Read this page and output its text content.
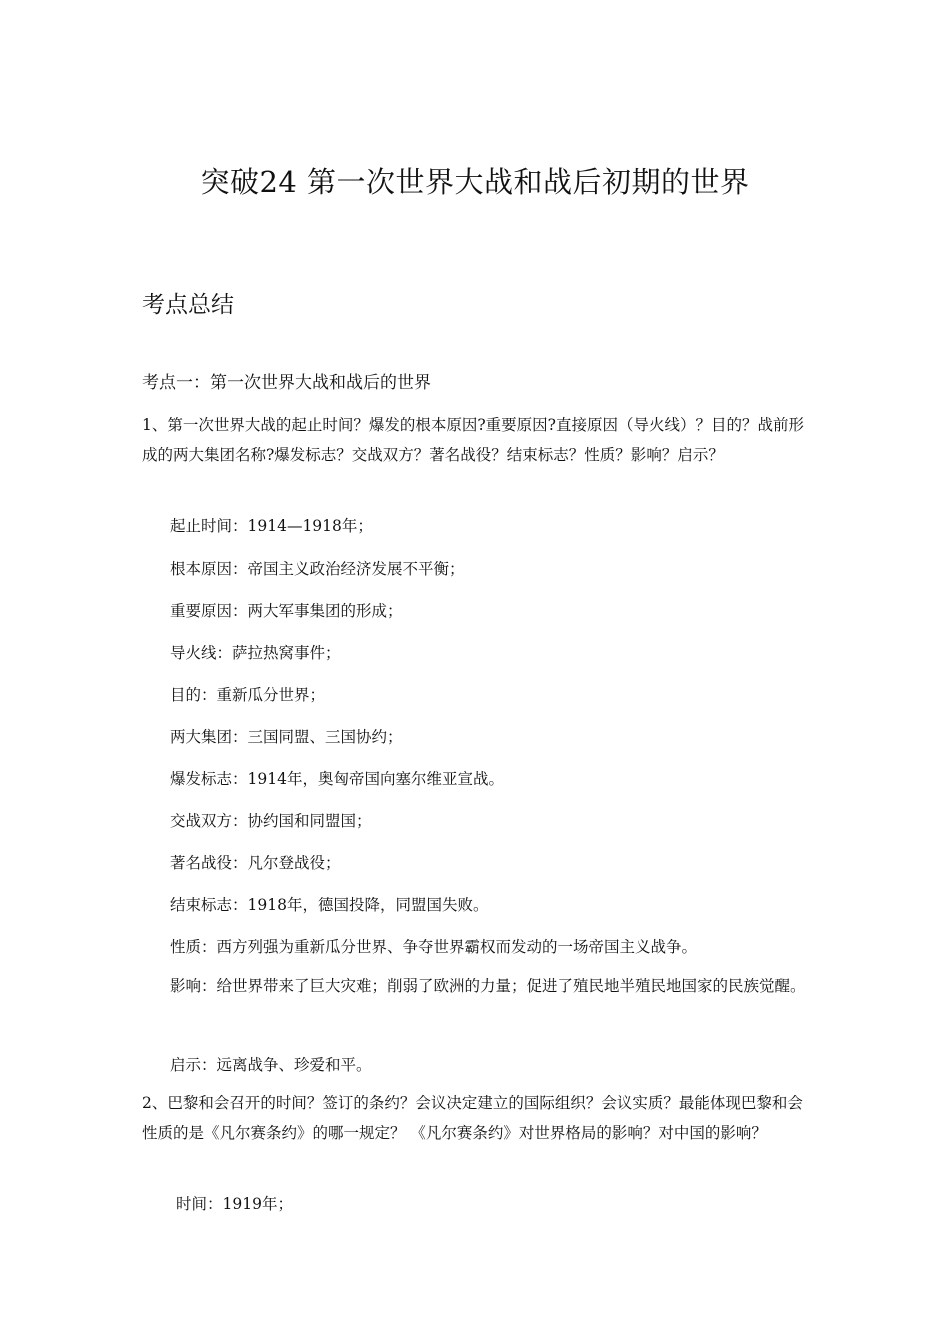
突破24 第一次世界大战和战后初期的世界
考点总结
考点一：第一次世界大战和战后的世界
1、第一次世界大战的起止时间？爆发的根本原因?重要原因?直接原因（导火线）？目的？战前形成的两大集团名称?爆发标志？交战双方？著名战役？结束标志？性质？影响？启示？
起止时间：1914—1918年；
根本原因：帝国主义政治经济发展不平衡；
重要原因：两大军事集团的形成；
导火线：萨拉热窝事件；
目的：重新瓜分世界；
两大集团：三国同盟、三国协约；
爆发标志：1914年，奥匈帝国向塞尔维亚宣战。
交战双方：协约国和同盟国；
著名战役：凡尔登战役；
结束标志：1918年，德国投降，同盟国失败。
性质：西方列强为重新瓜分世界、争夺世界霸权而发动的一场帝国主义战争。
影响：给世界带来了巨大灾难；削弱了欧洲的力量；促进了殖民地半殖民地国家的民族觉醒。
启示：远离战争、珍爱和平。
2、巴黎和会召开的时间？签订的条约？会议决定建立的国际组织？会议实质？最能体现巴黎和会性质的是《凡尔赛条约》的哪一规定？ 《凡尔赛条约》对世界格局的影响？对中国的影响？
时间：1919年；
